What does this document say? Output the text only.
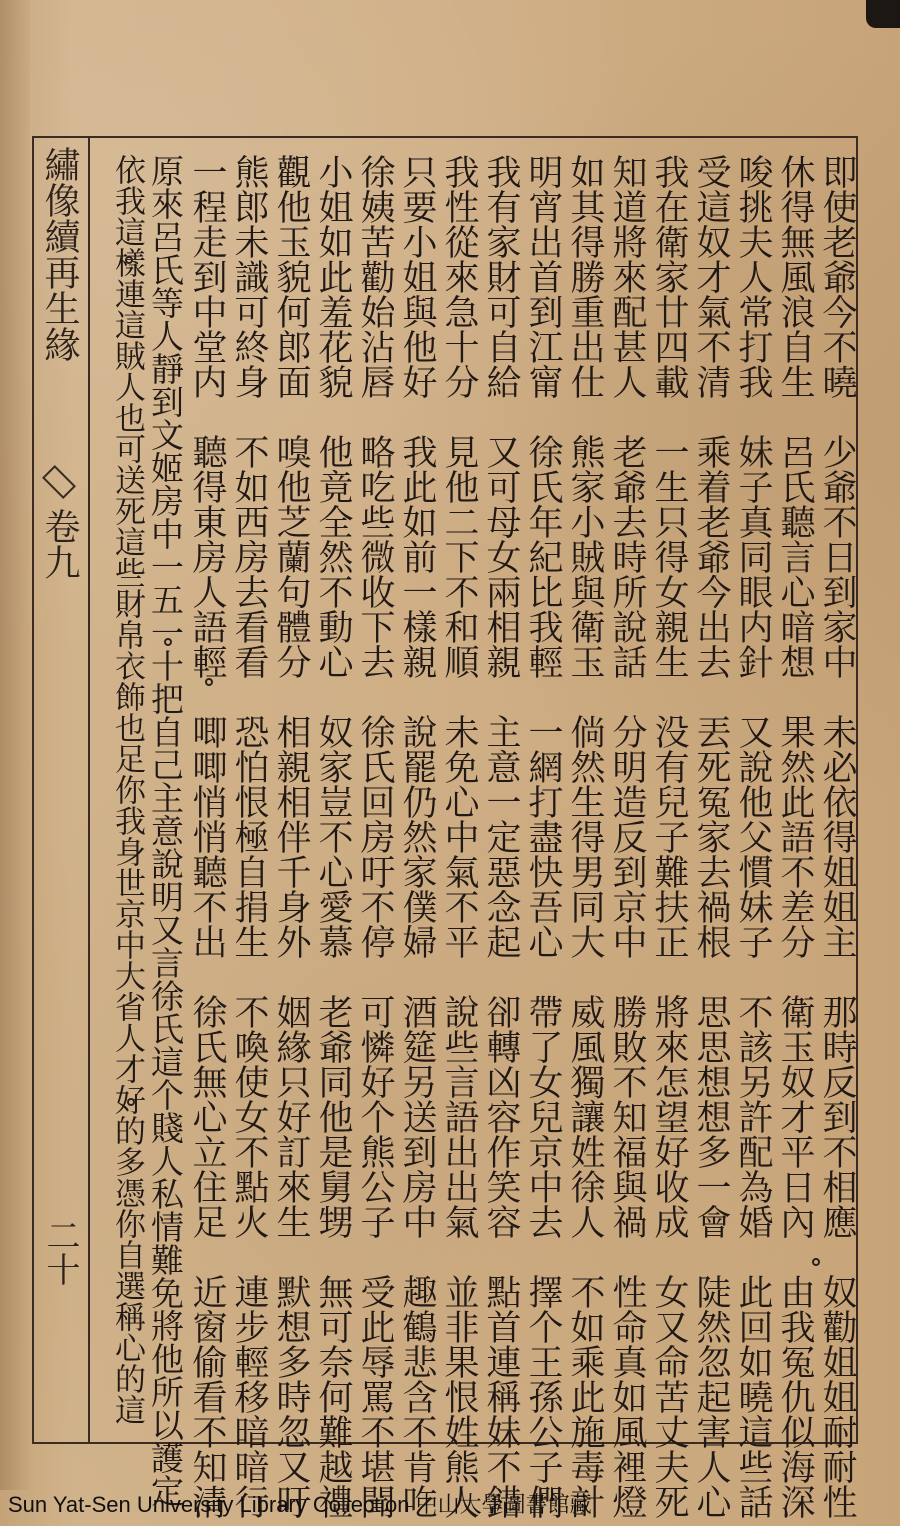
繡像續再生緣
卷九
二十	即使老爺今不曉　少爺不日到家中　未必依得姐姐主　那時反到不相應　奴勸姐姐耐耐性
休得無風浪自生　呂氏聽言心暗想　果然此語不差分　衛玉奴才平日內　由我冤仇似海深
唆挑夫人常打我　妹子真同眼内針　又說他父慣妹子　不該另許配為婚　此回如曉這些話
受這奴才氣不清　乘着老爺今出去　丟死冤家去禍根　思思想想多一會　陡然忽起害人心
我在衛家廿四載　一生只得女親生　没有兒子難扶正　將來怎望好收成　女又命苦丈夫死
知道將來配甚人　老爺去時所說話　分明造反到京中　勝敗不知福與禍　性命真如風裡燈
如其得勝重出仕　熊家小賊與衛玉　倘然生得男同大　威風獨讓姓徐人　不如乘此施毒計
明宵出首到江甯　徐氏年紀比我輕　一網打盡快吾心　帶了女兒京中去　擇个王孫公子們
我有家財可自給　又可母女兩相親　主意一定惡念起　卻轉凶容作笑容　點首連稱妹不錯
我性從來急十分　見他二下不和順　未免心中氣不平　說些言語出出氣　並非果恨姓熊人
只要小姐與他好　我此如前一樣親　說罷仍然家僕婦　酒筵另送到房中　趣鶴悲含不肯吃
徐姨苦勸始沾唇　略吃些微收下去　徐氏回房吁不停　可憐好个熊公子　受此辱罵不堪聞
小姐如此羞花貌　他竟全然不動心　奴家豈不心愛慕　老爺同他是舅甥　無可奈何難越禮
觀他玉貌何郎面　嗅他芝蘭句體分　相親相伴千身外　姻緣只好訂來生　默想多時忽又吁
熊郎未識可終身　不如西房去看看　恐怕恨極自捐生　不喚使女不點火　連步輕移暗暗行
一程走到中堂内　聽得東房人語輕　唧唧悄悄聽不出　徐氏無心立住足　近窗偷看不知清
原來呂氏等人靜到文姬房中一五一十把自己主意說明又言徐氏這个賤人私情難免將他所以護定
依我這樣連這賊人也可送死這些財帛衣飾也足你我身世京中大省人才好的多憑你自選稱心的這
Sun Yat-Sen University Library Collection 中山大學圖書館藏
